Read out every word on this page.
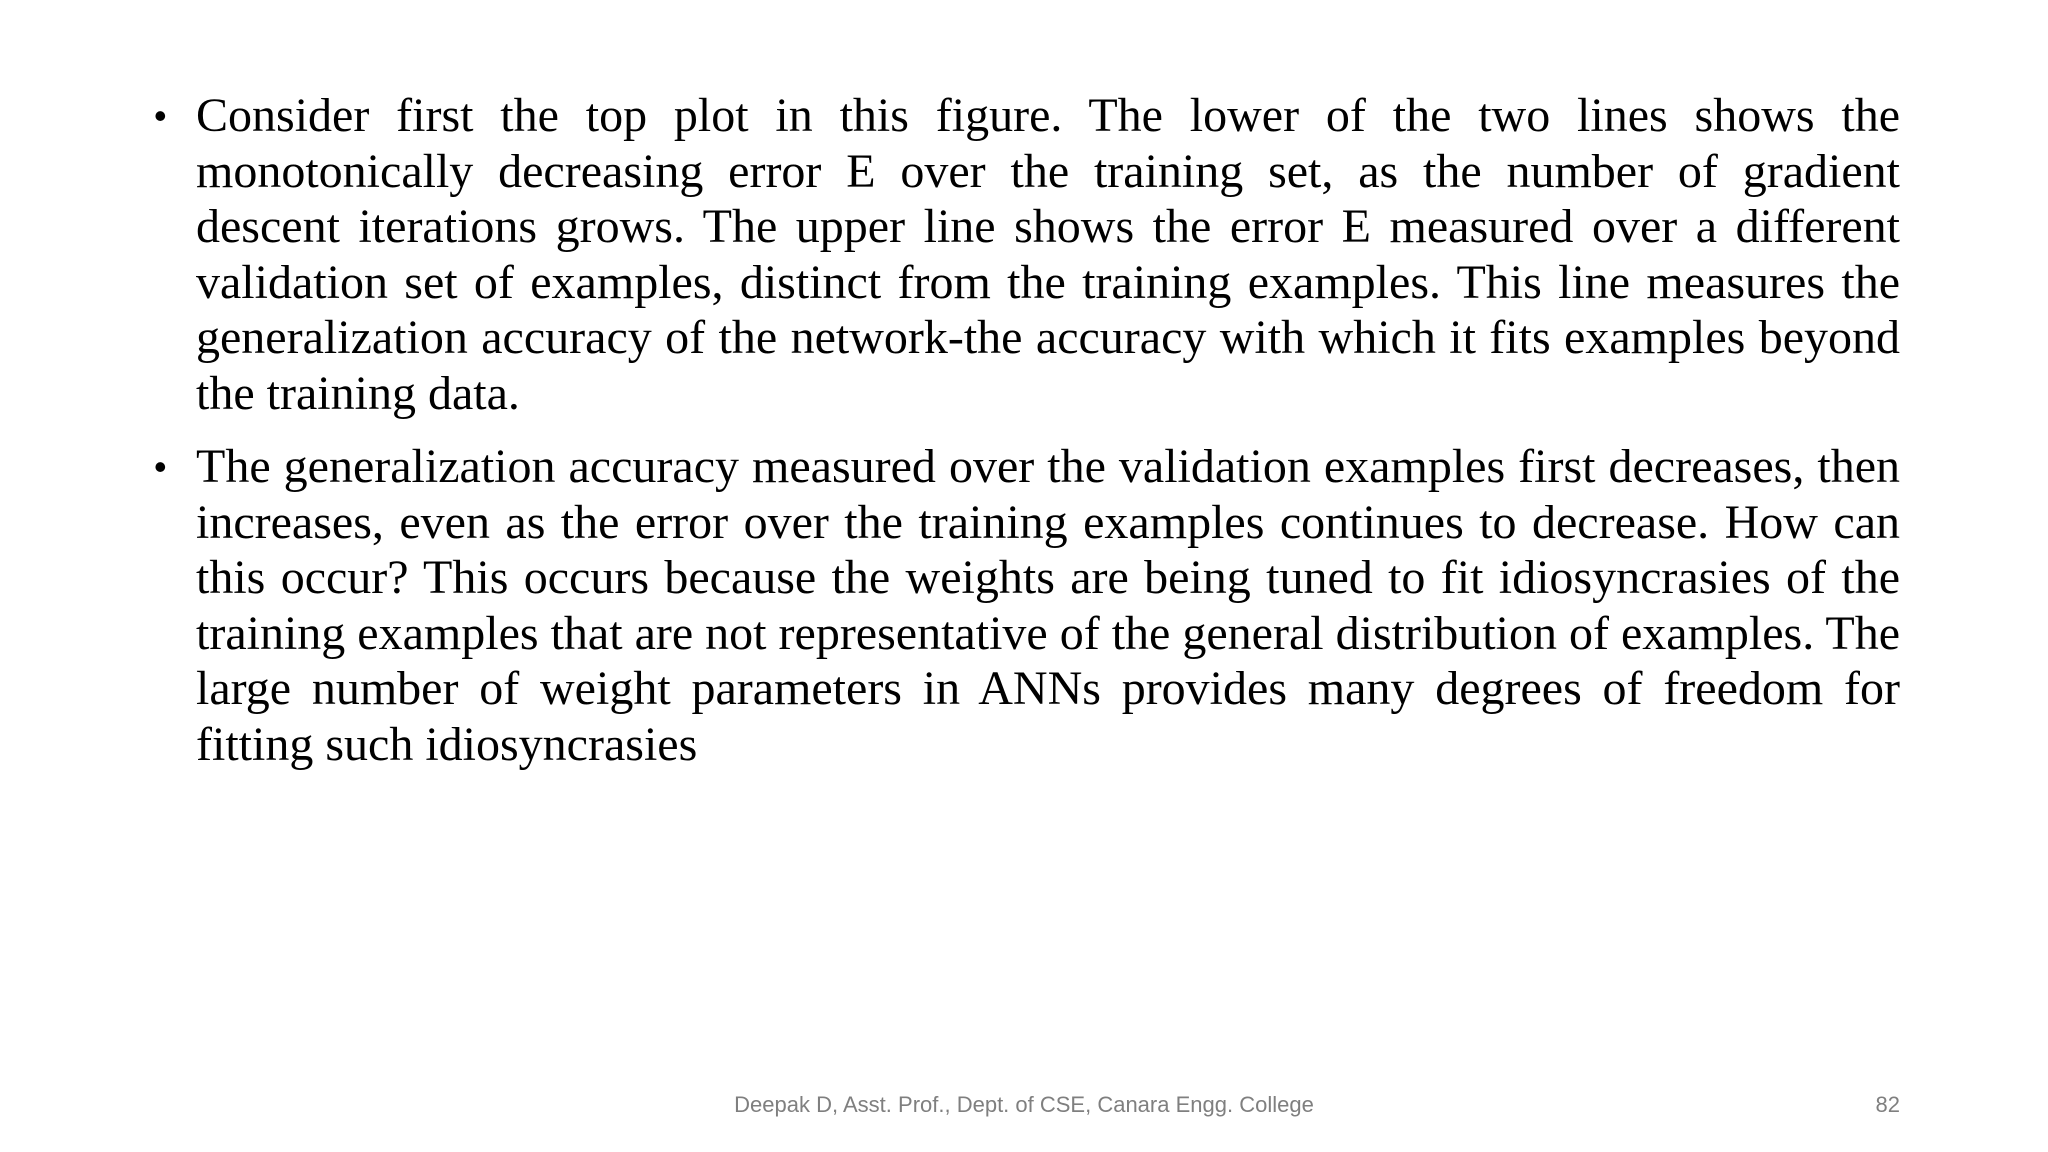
• Consider first the top plot in this figure. The lower of the two lines shows the monotonically decreasing error E over the training set, as the number of gradient descent iterations grows. The upper line shows the error E measured over a different validation set of examples, distinct from the training examples. This line measures the generalization accuracy of the network-the accuracy with which it fits examples beyond the training data.
• The generalization accuracy measured over the validation examples first decreases, then increases, even as the error over the training examples continues to decrease. How can this occur? This occurs because the weights are being tuned to fit idiosyncrasies of the training examples that are not representative of the general distribution of examples. The large number of weight parameters in ANNs provides many degrees of freedom for fitting such idiosyncrasies
Deepak D, Asst. Prof., Dept. of CSE, Canara Engg. College	82
